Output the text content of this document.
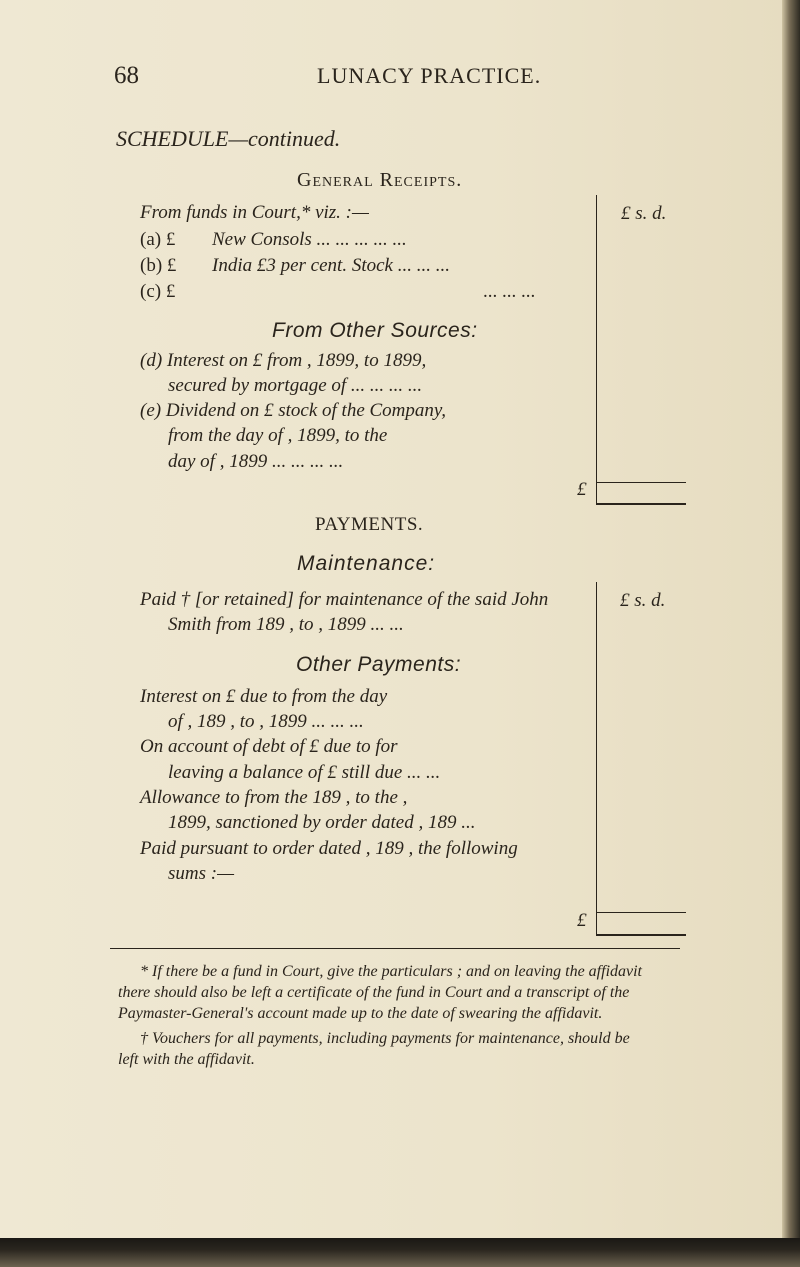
68	LUNACY PRACTICE.
SCHEDULE—continued.
General Receipts.
From funds in Court,* viz. :—	£ s. d.
(a) £ New Consols ... ... ... ... ...
(b) £ India £3 per cent. Stock ... ... ...
(c) £	... ... ...
From Other Sources:
(d) Interest on £ from , 1899, to 1899,
secured by mortgage of ... ... ... ...
(e) Dividend on £ stock of the Company,
from the day of , 1899, to the
day of , 1899 ... ... ... ...
£
PAYMENTS.
Maintenance:
£ s. d.
Paid † [or retained] for maintenance of the said John
Smith from 189 , to , 1899 ... ...
Other Payments:
Interest on £ due to from the day
of , 189 , to , 1899 ... ... ...
On account of debt of £ due to for
leaving a balance of £ still due ... ...
Allowance to from the 189 , to the ,
1899, sanctioned by order dated , 189 ...
Paid pursuant to order dated , 189 , the following
sums :—
£
* If there be a fund in Court, give the particulars ; and on leaving the affidavit
there should also be left a certificate of the fund in Court and a transcript of the
Paymaster-General's account made up to the date of swearing the affidavit.
† Vouchers for all payments, including payments for maintenance, should be
left with the affidavit.
